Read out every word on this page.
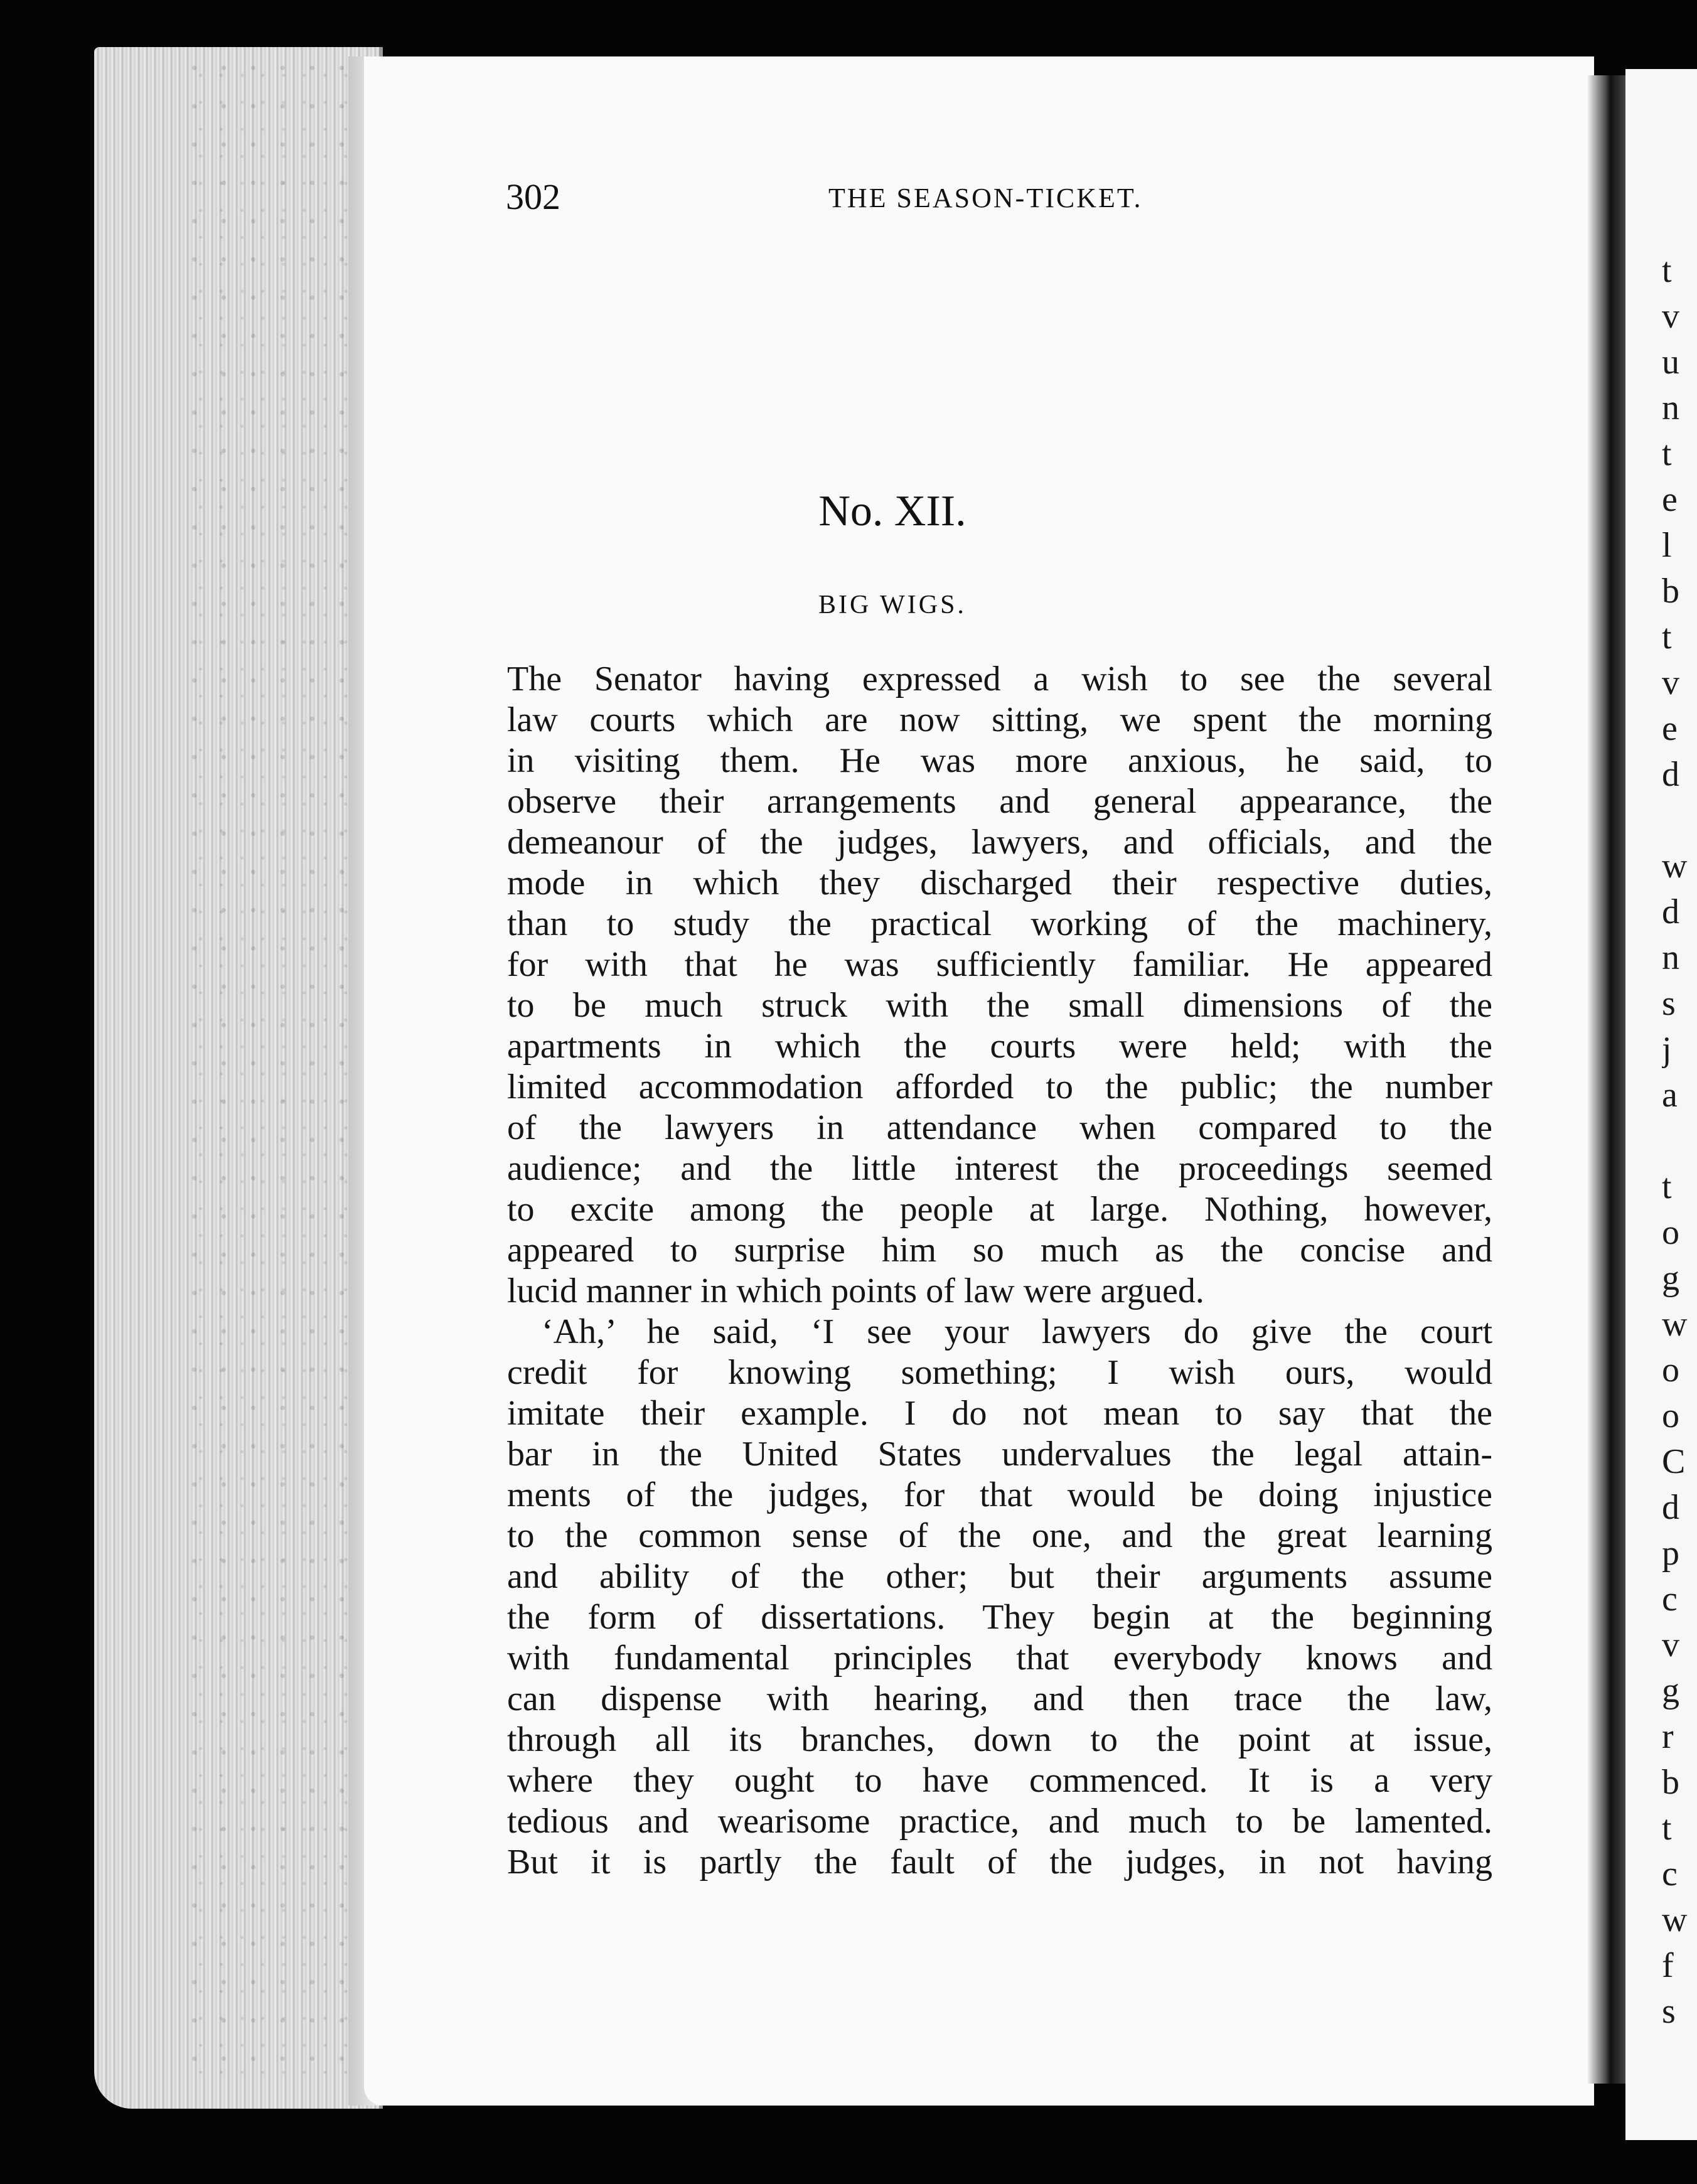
t
v
u
n
t
e
l
b
t
v
e
d

w
d
n
s
j
a

t
o
g
w
o
o
C
d
p
c
v
g
r
b
t
c
w
f
s
302	THE SEASON-TICKET.
No. XII.
BIG WIGS.
The Senator having expressed a wish to see the several
law courts which are now sitting, we spent the morning
in visiting them. He was more anxious, he said, to
observe their arrangements and general appearance, the
demeanour of the judges, lawyers, and officials, and the
mode in which they discharged their respective duties,
than to study the practical working of the machinery,
for with that he was sufficiently familiar. He appeared
to be much struck with the small dimensions of the
apartments in which the courts were held; with the
limited accommodation afforded to the public; the number
of the lawyers in attendance when compared to the
audience; and the little interest the proceedings seemed
to excite among the people at large. Nothing, however,
appeared to surprise him so much as the concise and
lucid manner in which points of law were argued.
‘Ah,’ he said, ‘I see your lawyers do give the court
credit for knowing something; I wish ours, would
imitate their example. I do not mean to say that the
bar in the United States undervalues the legal attain-
ments of the judges, for that would be doing injustice
to the common sense of the one, and the great learning
and ability of the other; but their arguments assume
the form of dissertations. They begin at the beginning
with fundamental principles that everybody knows and
can dispense with hearing, and then trace the law,
through all its branches, down to the point at issue,
where they ought to have commenced. It is a very
tedious and wearisome practice, and much to be lamented.
But it is partly the fault of the judges, in not having
